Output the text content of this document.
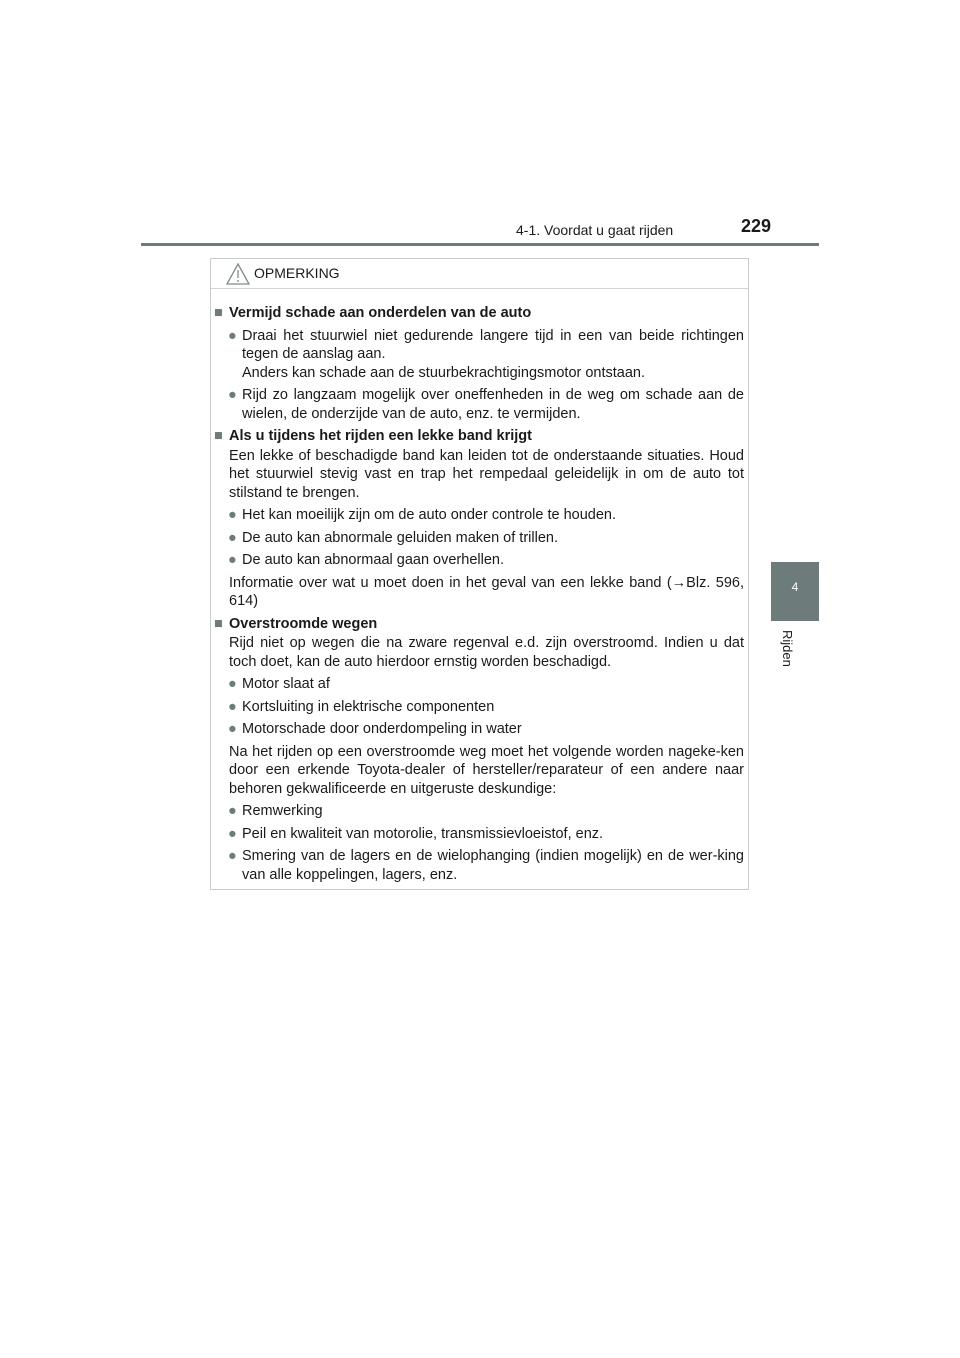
4-1. Voordat u gaat rijden	229
4
Rijden
OPMERKING
■ Vermijd schade aan onderdelen van de auto
● Draai het stuurwiel niet gedurende langere tijd in een van beide richtingen tegen de aanslag aan.
Anders kan schade aan de stuurbekrachtigingsmotor ontstaan.
● Rijd zo langzaam mogelijk over oneffenheden in de weg om schade aan de wielen, de onderzijde van de auto, enz. te vermijden.
■ Als u tijdens het rijden een lekke band krijgt
Een lekke of beschadigde band kan leiden tot de onderstaande situaties. Houd het stuurwiel stevig vast en trap het rempedaal geleidelijk in om de auto tot stilstand te brengen.
● Het kan moeilijk zijn om de auto onder controle te houden.
● De auto kan abnormale geluiden maken of trillen.
● De auto kan abnormaal gaan overhellen.
Informatie over wat u moet doen in het geval van een lekke band (→Blz. 596, 614)
■ Overstroomde wegen
Rijd niet op wegen die na zware regenval e.d. zijn overstroomd. Indien u dat toch doet, kan de auto hierdoor ernstig worden beschadigd.
● Motor slaat af
● Kortsluiting in elektrische componenten
● Motorschade door onderdompeling in water
Na het rijden op een overstroomde weg moet het volgende worden nageke-ken door een erkende Toyota-dealer of hersteller/reparateur of een andere naar behoren gekwalificeerde en uitgeruste deskundige:
● Remwerking
● Peil en kwaliteit van motorolie, transmissievloeistof, enz.
● Smering van de lagers en de wielophanging (indien mogelijk) en de wer-king van alle koppelingen, lagers, enz.
